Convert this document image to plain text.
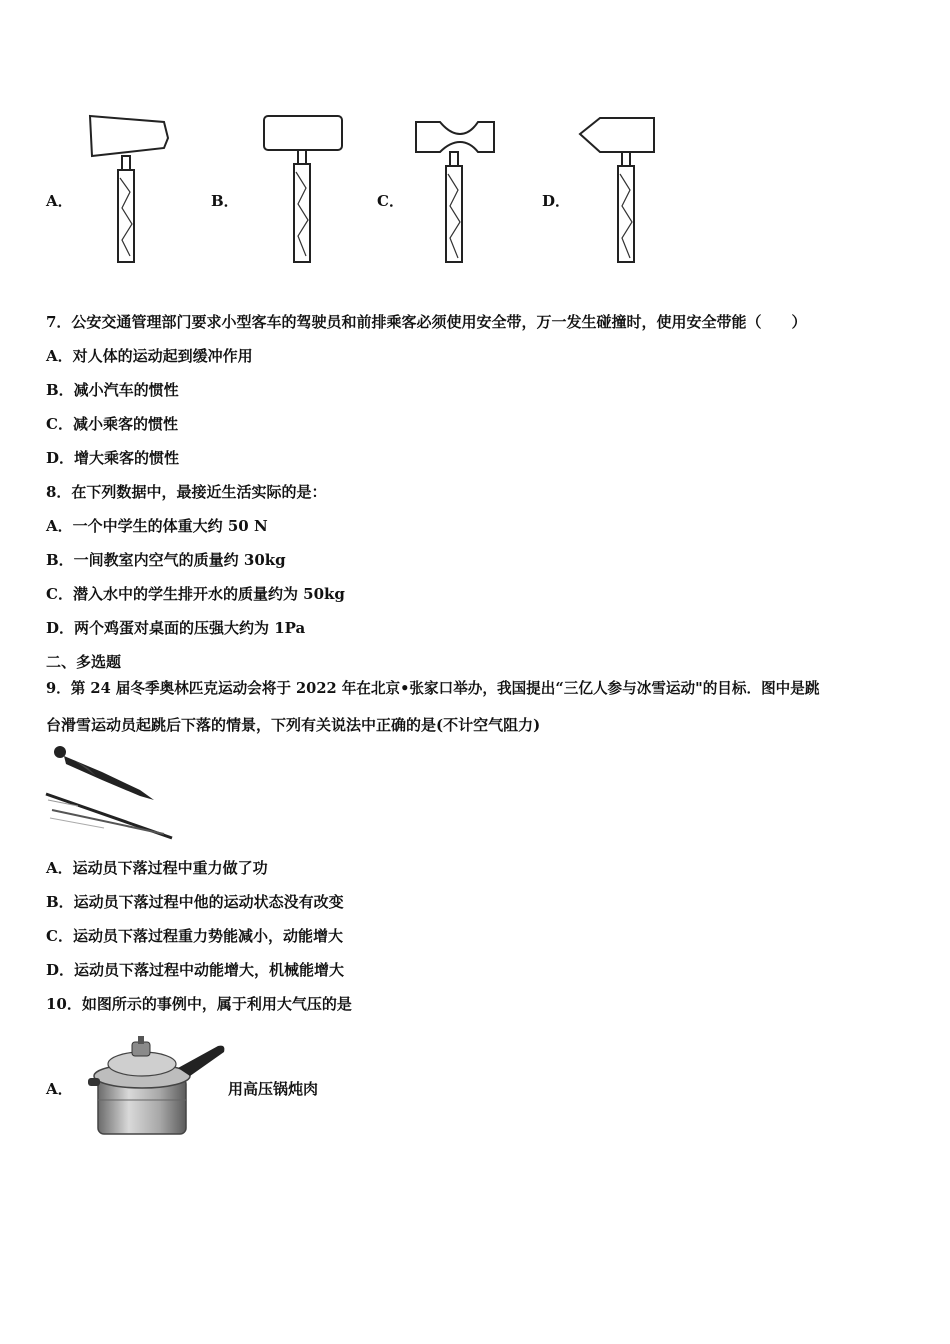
A．	B．	C．	D．
7．公安交通管理部门要求小型客车的驾驶员和前排乘客必须使用安全带，万一发生碰撞时，使用安全带能（　　）
A．对人体的运动起到缓冲作用
B．减小汽车的惯性
C．减小乘客的惯性
D．增大乘客的惯性
8．在下列数据中，最接近生活实际的是：
A．一个中学生的体重大约 50 N
B．一间教室内空气的质量约 30kg
C．潜入水中的学生排开水的质量约为 50kg
D．两个鸡蛋对桌面的压强大约为 1Pa
二、多选题
9．第 24 届冬季奥林匹克运动会将于 2022 年在北京•张家口举办，我国提出“三亿人参与冰雪运动"的目标．图中是跳
台滑雪运动员起跳后下落的情景，下列有关说法中正确的是(不计空气阻力)
A．运动员下落过程中重力做了功
B．运动员下落过程中他的运动状态没有改变
C．运动员下落过程重力势能减小，动能增大
D．运动员下落过程中动能增大，机械能增大
10．如图所示的事例中，属于利用大气压的是
A．	用高压锅炖肉
